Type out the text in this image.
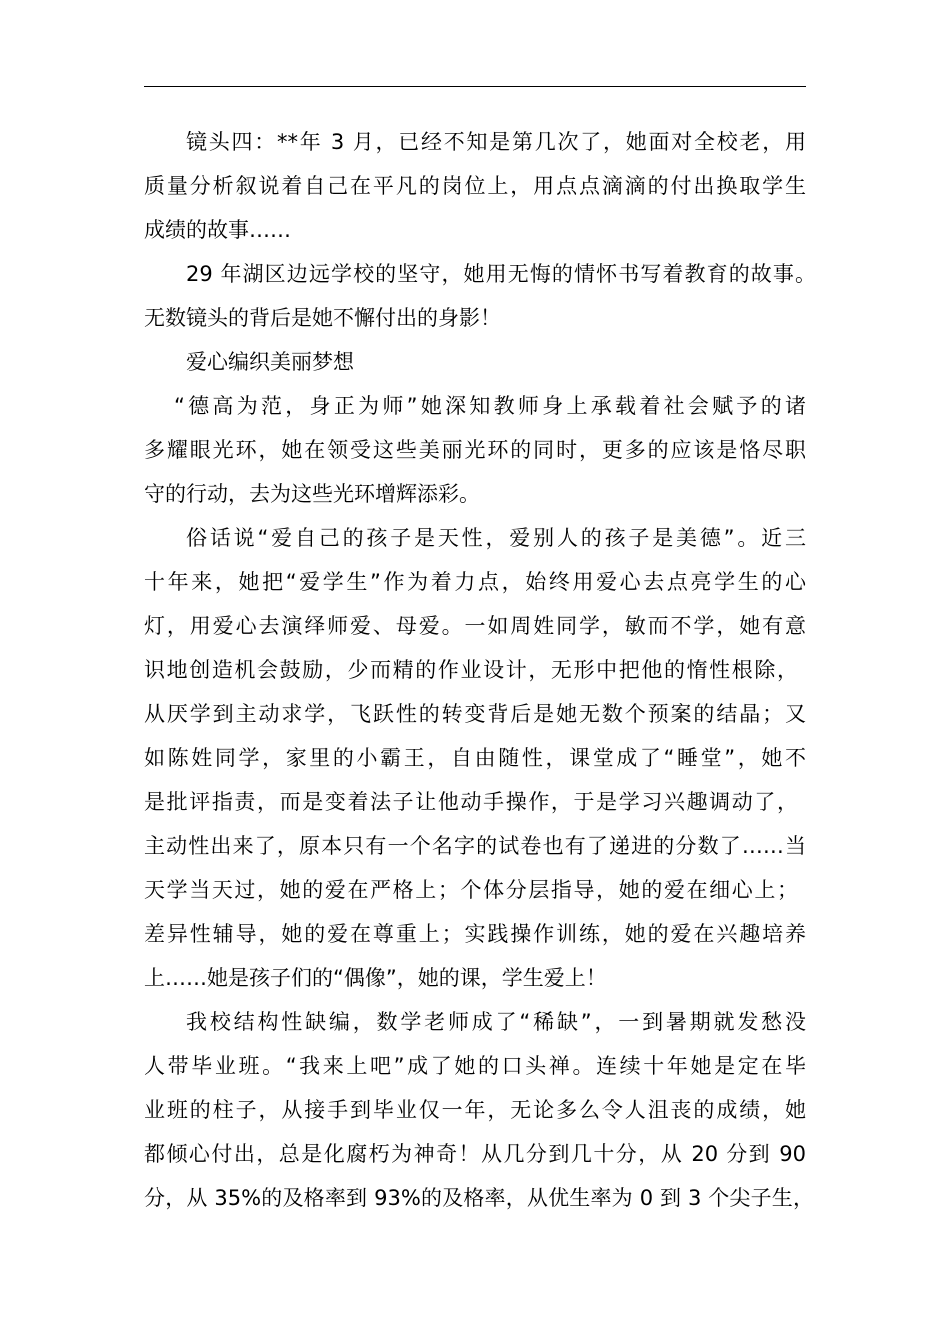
镜头四：**年 3 月，已经不知是第几次了，她面对全校老，用
质量分析叙说着自己在平凡的岗位上，用点点滴滴的付出换取学生
成绩的故事……
29 年湖区边远学校的坚守，她用无悔的情怀书写着教育的故事。
无数镜头的背后是她不懈付出的身影！
爱心编织美丽梦想
“德高为范，身正为师”她深知教师身上承载着社会赋予的诸
多耀眼光环，她在领受这些美丽光环的同时，更多的应该是恪尽职
守的行动，去为这些光环增辉添彩。
俗话说“爱自己的孩子是天性，爱别人的孩子是美德”。近三
十年来，她把“爱学生”作为着力点，始终用爱心去点亮学生的心
灯，用爱心去演绎师爱、母爱。一如周姓同学，敏而不学，她有意
识地创造机会鼓励，少而精的作业设计，无形中把他的惰性根除，
从厌学到主动求学，飞跃性的转变背后是她无数个预案的结晶；又
如陈姓同学，家里的小霸王，自由随性，课堂成了“睡堂”，她不
是批评指责，而是变着法子让他动手操作，于是学习兴趣调动了，
主动性出来了，原本只有一个名字的试卷也有了递进的分数了……当
天学当天过，她的爱在严格上；个体分层指导，她的爱在细心上；
差异性辅导，她的爱在尊重上；实践操作训练，她的爱在兴趣培养
上……她是孩子们的“偶像”，她的课，学生爱上！
我校结构性缺编，数学老师成了“稀缺”，一到暑期就发愁没
人带毕业班。“我来上吧”成了她的口头禅。连续十年她是定在毕
业班的柱子，从接手到毕业仅一年，无论多么令人沮丧的成绩，她
都倾心付出，总是化腐朽为神奇！从几分到几十分，从 20 分到 90
分，从 35%的及格率到 93%的及格率，从优生率为 0 到 3 个尖子生，
